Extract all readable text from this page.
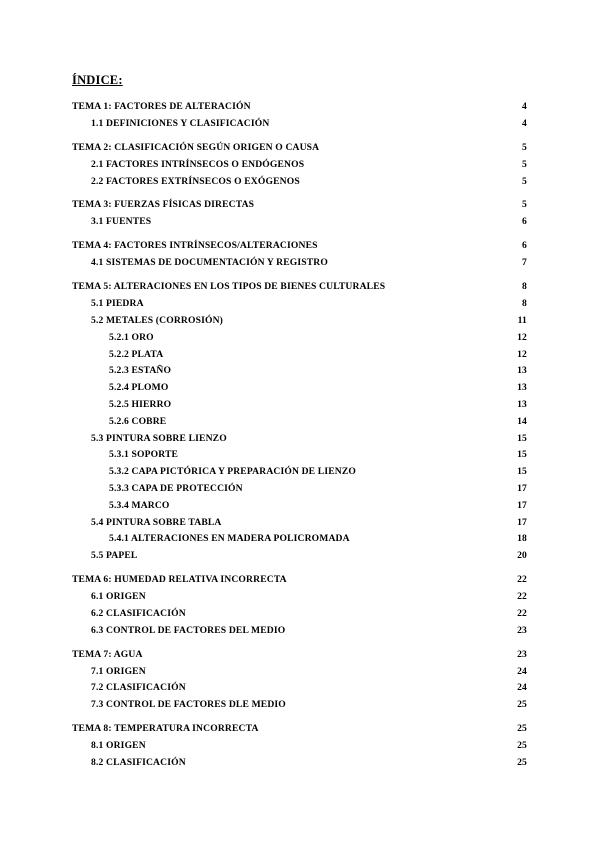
ÍNDICE:
TEMA 1: FACTORES DE ALTERACIÓN	4
1.1 DEFINICIONES Y CLASIFICACIÓN	4
TEMA 2: CLASIFICACIÓN SEGÚN ORIGEN O CAUSA	5
2.1 FACTORES INTRÍNSECOS O ENDÓGENOS	5
2.2 FACTORES EXTRÍNSECOS O EXÓGENOS	5
TEMA 3: FUERZAS FÍSICAS DIRECTAS	5
3.1 FUENTES	6
TEMA 4: FACTORES INTRÍNSECOS/ALTERACIONES	6
4.1 SISTEMAS DE DOCUMENTACIÓN Y REGISTRO	7
TEMA 5: ALTERACIONES EN LOS TIPOS DE BIENES CULTURALES	8
5.1 PIEDRA	8
5.2 METALES (CORROSIÓN)	11
5.2.1 ORO	12
5.2.2 PLATA	12
5.2.3 ESTAÑO	13
5.2.4 PLOMO	13
5.2.5 HIERRO	13
5.2.6 COBRE	14
5.3 PINTURA SOBRE LIENZO	15
5.3.1 SOPORTE	15
5.3.2 CAPA PICTÓRICA Y PREPARACIÓN DE LIENZO	15
5.3.3 CAPA DE PROTECCIÓN	17
5.3.4 MARCO	17
5.4 PINTURA SOBRE TABLA	17
5.4.1 ALTERACIONES EN MADERA POLICROMADA	18
5.5 PAPEL	20
TEMA 6: HUMEDAD RELATIVA INCORRECTA	22
6.1 ORIGEN	22
6.2 CLASIFICACIÓN	22
6.3 CONTROL DE FACTORES DEL MEDIO	23
TEMA 7: AGUA	23
7.1 ORIGEN	24
7.2 CLASIFICACIÓN	24
7.3 CONTROL DE FACTORES DLE MEDIO	25
TEMA 8: TEMPERATURA INCORRECTA	25
8.1 ORIGEN	25
8.2 CLASIFICACIÓN	25
